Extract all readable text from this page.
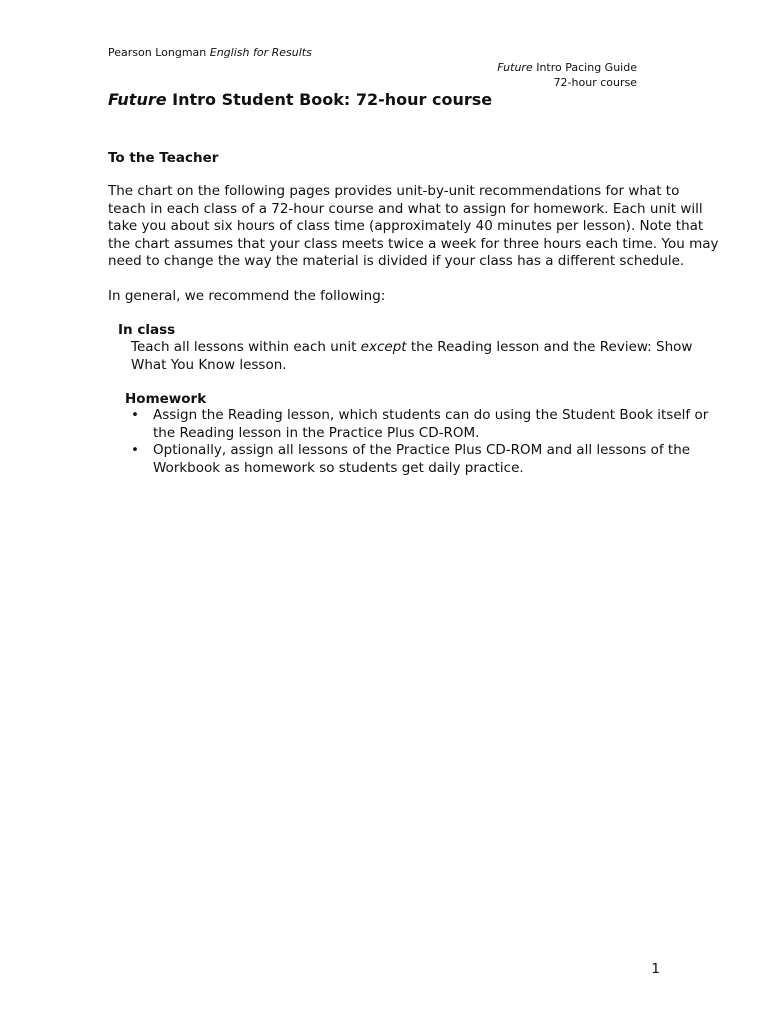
Pearson Longman English for Results
Future Intro Pacing Guide
72-hour course
Future Intro Student Book: 72-hour course
To the Teacher
The chart on the following pages provides unit-by-unit recommendations for what to
teach in each class of a 72-hour course and what to assign for homework. Each unit will
take you about six hours of class time (approximately 40 minutes per lesson). Note that
the chart assumes that your class meets twice a week for three hours each time. You may
need to change the way the material is divided if your class has a different schedule.
In general, we recommend the following:
In class
Teach all lessons within each unit except the Reading lesson and the Review: Show
What You Know lesson.
Homework
• Assign the Reading lesson, which students can do using the Student Book itself or
the Reading lesson in the Practice Plus CD-ROM.
• Optionally, assign all lessons of the Practice Plus CD-ROM and all lessons of the
Workbook as homework so students get daily practice.
1
